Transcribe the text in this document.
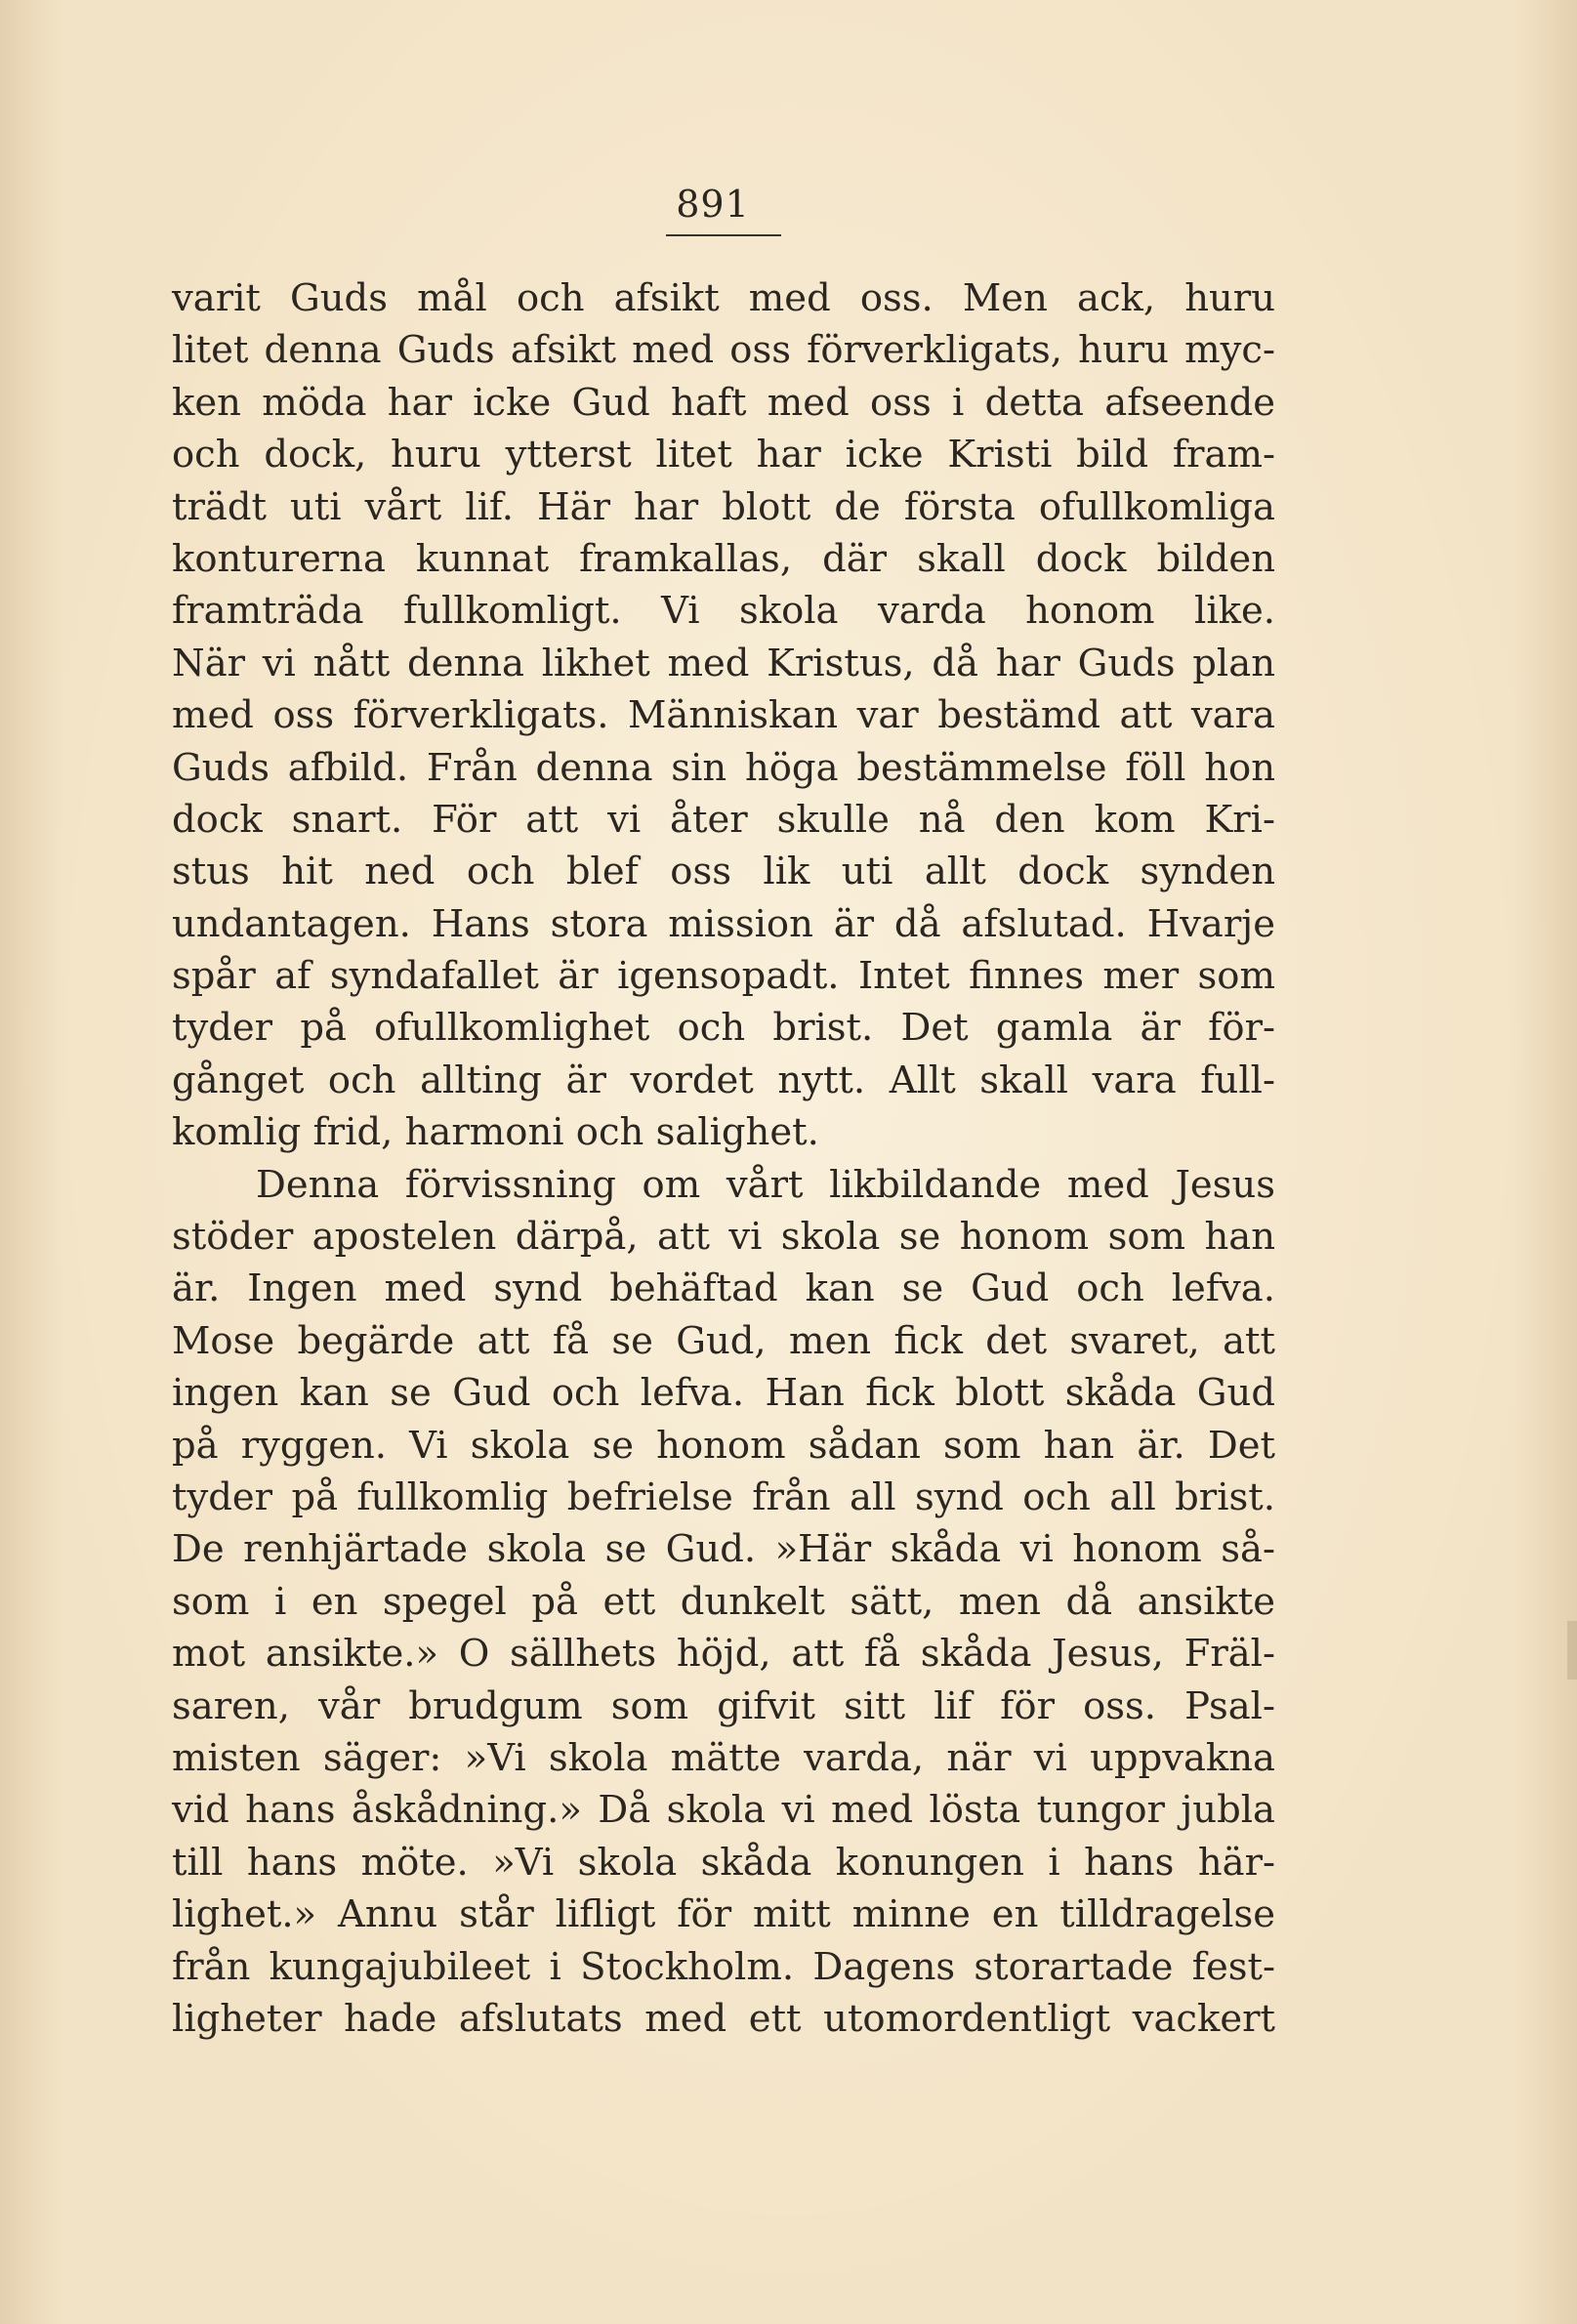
891
varit Guds mål och afsikt med oss. Men ack, huru
litet denna Guds afsikt med oss förverkligats, huru myc-
ken möda har icke Gud haft med oss i detta afseende
och dock, huru ytterst litet har icke Kristi bild fram-
trädt uti vårt lif. Här har blott de första ofullkomliga
konturerna kunnat framkallas, där skall dock bilden
framträda fullkomligt. Vi skola varda honom like.
När vi nått denna likhet med Kristus, då har Guds plan
med oss förverkligats. Människan var bestämd att vara
Guds afbild. Från denna sin höga bestämmelse föll hon
dock snart. För att vi åter skulle nå den kom Kri-
stus hit ned och blef oss lik uti allt dock synden
undantagen. Hans stora mission är då afslutad. Hvarje
spår af syndafallet är igensopadt. Intet finnes mer som
tyder på ofullkomlighet och brist. Det gamla är för-
gånget och allting är vordet nytt. Allt skall vara full-
komlig frid, harmoni och salighet.
Denna förvissning om vårt likbildande med Jesus
stöder apostelen därpå, att vi skola se honom som han
är. Ingen med synd behäftad kan se Gud och lefva.
Mose begärde att få se Gud, men fick det svaret, att
ingen kan se Gud och lefva. Han fick blott skåda Gud
på ryggen. Vi skola se honom sådan som han är. Det
tyder på fullkomlig befrielse från all synd och all brist.
De renhjärtade skola se Gud. »Här skåda vi honom så-
som i en spegel på ett dunkelt sätt, men då ansikte
mot ansikte.» O sällhets höjd, att få skåda Jesus, Fräl-
saren, vår brudgum som gifvit sitt lif för oss. Psal-
misten säger: »Vi skola mätte varda, när vi uppvakna
vid hans åskådning.» Då skola vi med lösta tungor jubla
till hans möte. »Vi skola skåda konungen i hans här-
lighet.» Annu står lifligt för mitt minne en tilldragelse
från kungajubileet i Stockholm. Dagens storartade fest-
ligheter hade afslutats med ett utomordentligt vackert
